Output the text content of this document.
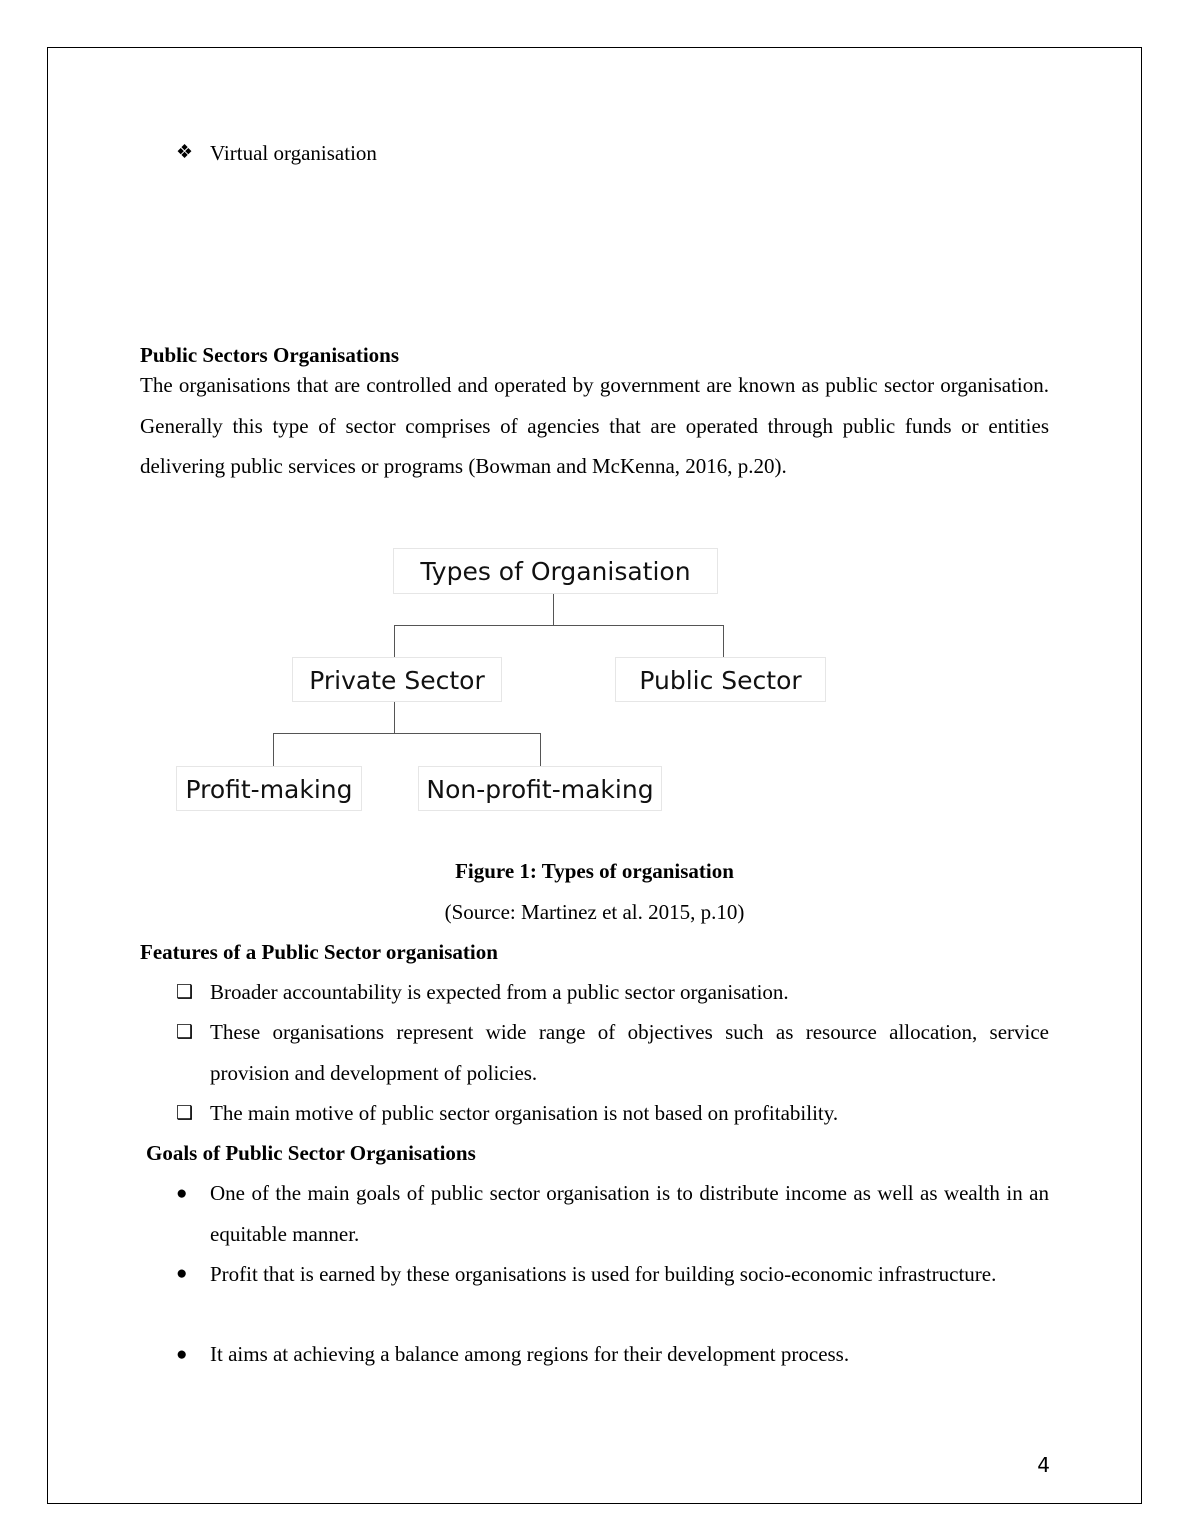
❖ Virtual organisation
Public Sectors Organisations
The organisations that are controlled and operated by government are known as public sector organisation. Generally this type of sector comprises of agencies that are operated through public funds or entities delivering public services or programs (Bowman and McKenna, 2016, p.20).
Types of Organisation
Private Sector	Public Sector
Profit-making	Non-profit-making
Figure 1: Types of organisation
(Source: Martinez et al. 2015, p.10)
Features of a Public Sector organisation
❑ Broader accountability is expected from a public sector organisation.
❑ These organisations represent wide range of objectives such as resource allocation, service provision and development of policies.
❑ The main motive of public sector organisation is not based on profitability.
Goals of Public Sector Organisations
● One of the main goals of public sector organisation is to distribute income as well as wealth in an equitable manner.
● Profit that is earned by these organisations is used for building socio-economic infrastructure.
● It aims at achieving a balance among regions for their development process.
4
